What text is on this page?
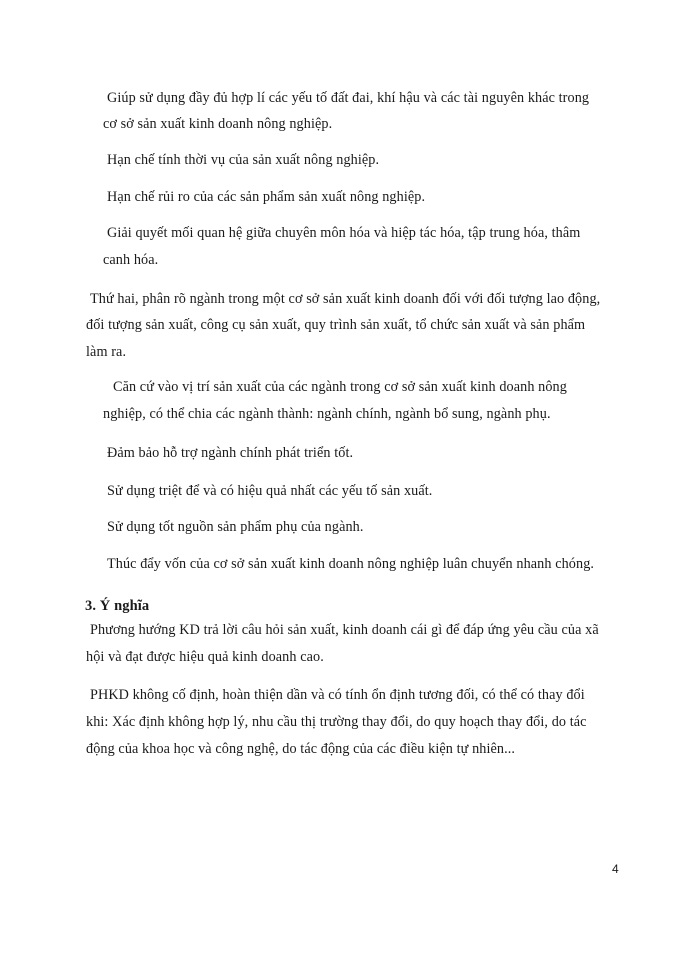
Giúp sử dụng đầy đủ hợp lí các yếu tố đất đai, khí hậu và các tài nguyên khác trong
cơ sở sản xuất kinh doanh nông nghiệp.
Hạn chế tính thời vụ của sản xuất nông nghiệp.
Hạn chế rủi ro của các sản phẩm sản xuất nông nghiệp.
Giải quyết mối quan hệ giữa chuyên môn hóa và hiệp tác hóa, tập trung hóa, thâm
canh hóa.
Thứ hai, phân rõ ngành trong một cơ sở sản xuất kinh doanh đối với đối tượng lao động,
đối tượng sản xuất, công cụ sản xuất, quy trình sản xuất, tổ chức sản xuất và sản phẩm
làm ra.
Căn cứ vào vị trí sản xuất của các ngành trong cơ sở sản xuất kinh doanh nông
nghiệp, có thể chia các ngành thành: ngành chính, ngành bổ sung, ngành phụ.
Đảm bảo hỗ trợ ngành chính phát triển tốt.
Sử dụng triệt để và có hiệu quả nhất các yếu tố sản xuất.
Sử dụng tốt nguồn sản phẩm phụ của ngành.
Thúc đẩy vốn của cơ sở sản xuất kinh doanh nông nghiệp luân chuyển nhanh chóng.
3. Ý nghĩa
Phương hướng KD trả lời câu hỏi sản xuất, kinh doanh cái gì để đáp ứng yêu cầu của xã
hội và đạt được hiệu quả kinh doanh cao.
PHKD không cố định, hoàn thiện dần và có tính ổn định tương đối, có thể có thay đổi
khi: Xác định không hợp lý, nhu cầu thị trường thay đổi, do quy hoạch thay đổi, do tác
động của khoa học và công nghệ, do tác động của các điều kiện tự nhiên...
4
